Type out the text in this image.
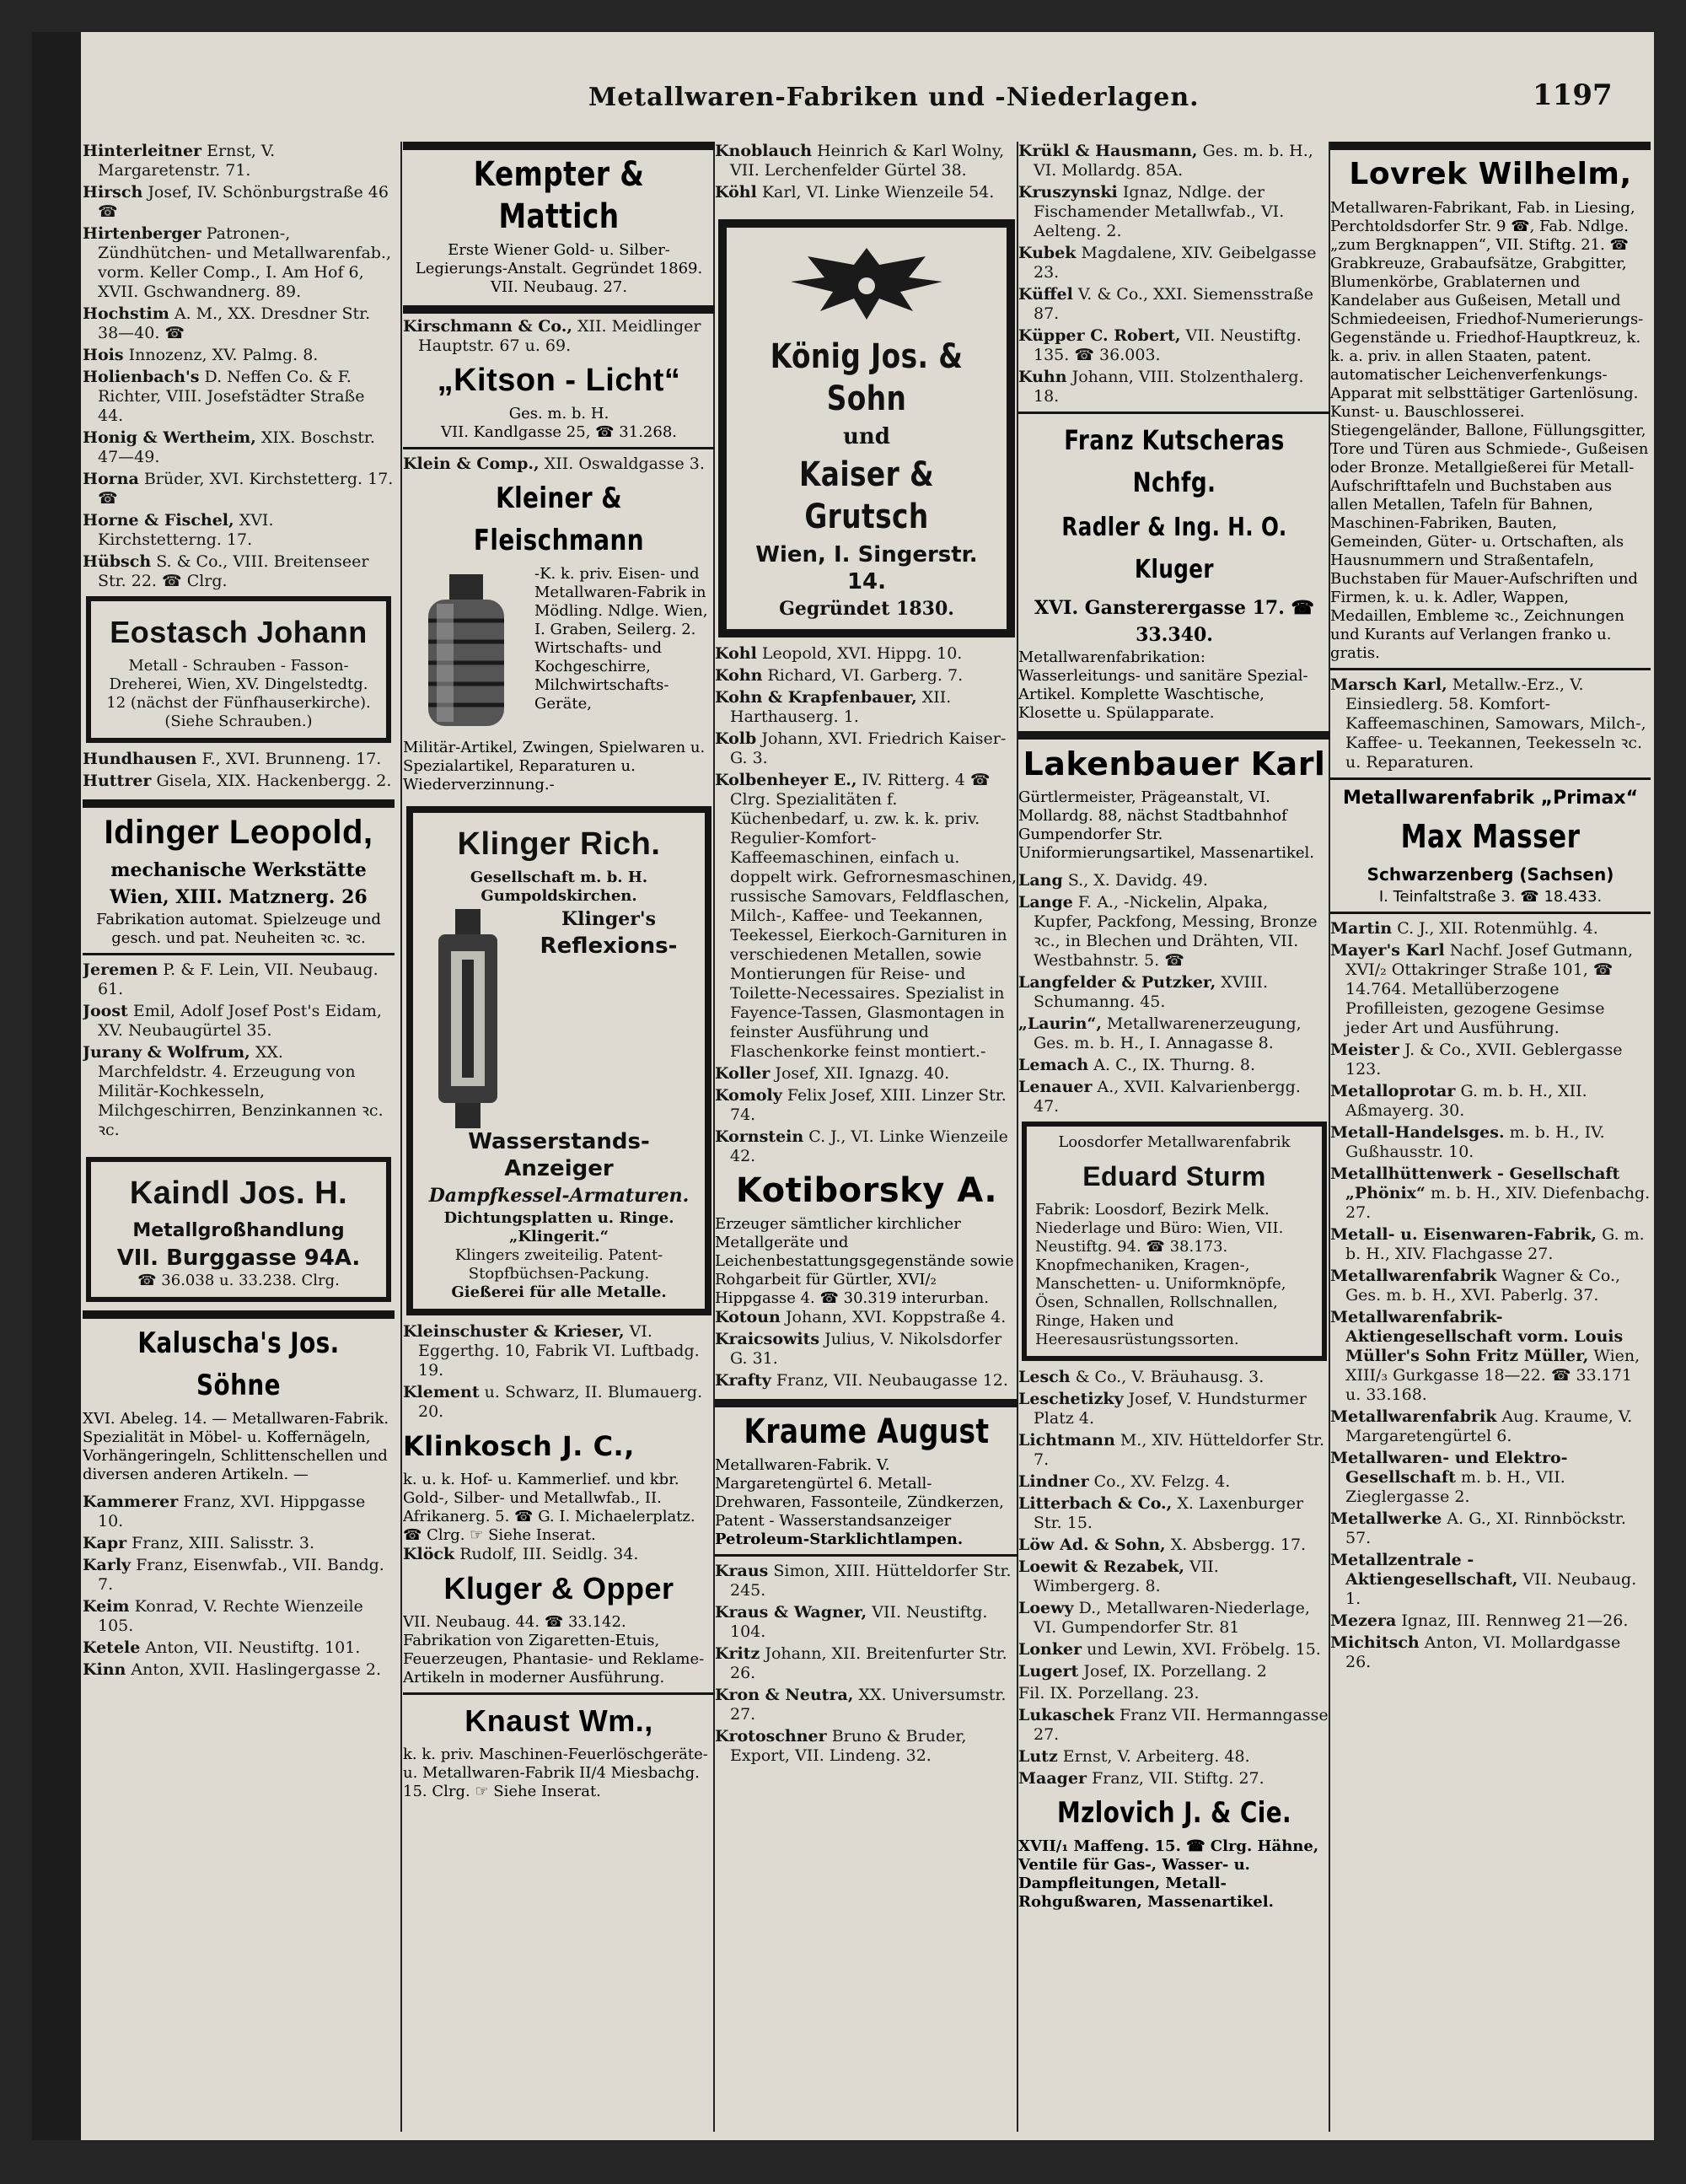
Metallwaren-Fabriken und -Niederlagen.	1197
Hinterleitner Ernst, V. Margaretenstr. 71.
Hirsch Josef, IV. Schönburgstraße 46 ☎
Hirtenberger Patronen-, Zündhütchen- und Metallwarenfab., vorm. Keller Comp., I. Am Hof 6, XVII. Gschwandnerg. 89.
Hochstim A. M., XX. Dresdner Str. 38—40. ☎
Hois Innozenz, XV. Palmg. 8.
Holienbach's D. Neffen Co. & F. Richter, VIII. Josefstädter Straße 44.
Honig & Wertheim, XIX. Boschstr. 47—49.
Horna Brüder, XVI. Kirchstetterg. 17. ☎
Horne & Fischel, XVI. Kirchstetterng. 17.
Hübsch S. & Co., VIII. Breitenseer Str. 22. ☎ Clrg.
Eostasch Johann
Metall - Schrauben - Fasson-Dreherei, Wien, XV. Dingelstedtg. 12 (nächst der Fünfhauserkirche).
(Siehe Schrauben.)
Hundhausen F., XVI. Brunneng. 17.
Huttrer Gisela, XIX. Hackenbergg. 2.
Idinger Leopold,
mechanische Werkstätte
Wien, XIII. Matznerg. 26
Fabrikation automat. Spielzeuge und gesch. und pat. Neuheiten ꝛc. ꝛc.
Jeremen P. & F. Lein, VII. Neubaug. 61.
Joost Emil, Adolf Josef Post's Eidam, XV. Neubaugürtel 35.
Jurany & Wolfrum, XX. Marchfeldstr. 4. Erzeugung von Militär-Kochkesseln, Milchgeschirren, Benzinkannen ꝛc. ꝛc.
Kaindl Jos. H.
Metallgroßhandlung
VII. Burggasse 94A.
☎ 36.038 u. 33.238. Clrg.
Kaluscha's Jos. Söhne
XVI. Abeleg. 14. — Metallwaren-Fabrik. Spezialität in Möbel- u. Koffernägeln, Vorhängeringeln, Schlittenschellen und diversen anderen Artikeln. —
Kammerer Franz, XVI. Hippgasse 10.
Kapr Franz, XIII. Salisstr. 3.
Karly Franz, Eisenwfab., VII. Bandg. 7.
Keim Konrad, V. Rechte Wienzeile 105.
Ketele Anton, VII. Neustiftg. 101.
Kinn Anton, XVII. Haslingergasse 2.
Kempter & Mattich
Erste Wiener Gold- u. Silber-Legierungs-Anstalt. Gegründet 1869. VII. Neubaug. 27.
Kirschmann & Co., XII. Meidlinger Hauptstr. 67 u. 69.
„Kitson - Licht“
Ges. m. b. H.
VII. Kandlgasse 25, ☎ 31.268.
Klein & Comp., XII. Oswaldgasse 3.
Kleiner & Fleischmann
-K. k. priv. Eisen- und Metallwaren-Fabrik in Mödling. Ndlge. Wien, I. Graben, Seilerg. 2. Wirtschafts- und Kochgeschirre, Milchwirtschafts-Geräte,
Militär-Artikel, Zwingen, Spielwaren u. Spezialartikel, Reparaturen u. Wiederverzinnung.-
Klinger Rich.
Gesellschaft m. b. H.
Gumpoldskirchen.
Klinger's
Reflexions-Wasserstands-Anzeiger
Dampfkessel-Armaturen.
Dichtungsplatten u. Ringe. „Klingerit.“
Klingers zweiteilig. Patent-Stopfbüchsen-Packung.
Gießerei für alle Metalle.
Kleinschuster & Krieser, VI. Eggerthg. 10, Fabrik VI. Luftbadg. 19.
Klement u. Schwarz, II. Blumauerg. 20.
Klinkosch J. C.,
k. u. k. Hof- u. Kammerlief. und kbr. Gold-, Silber- und Metallwfab., II. Afrikanerg. 5. ☎ G. I. Michaelerplatz. ☎ Clrg. ☞ Siehe Inserat.
Klöck Rudolf, III. Seidlg. 34.
Kluger & Opper
VII. Neubaug. 44. ☎ 33.142. Fabrikation von Zigaretten-Etuis, Feuerzeugen, Phantasie- und Reklame-Artikeln in moderner Ausführung.
Knaust Wm.,
k. k. priv. Maschinen-Feuerlöschgeräte- u. Metallwaren-Fabrik II/4 Miesbachg. 15. Clrg. ☞ Siehe Inserat.
Knoblauch Heinrich & Karl Wolny, VII. Lerchenfelder Gürtel 38.
Köhl Karl, VI. Linke Wienzeile 54.
König Jos. & Sohn
und
Kaiser & Grutsch
Wien, I. Singerstr. 14.
Gegründet 1830.
Kohl Leopold, XVI. Hippg. 10.
Kohn Richard, VI. Garberg. 7.
Kohn & Krapfenbauer, XII. Harthauserg. 1.
Kolb Johann, XVI. Friedrich Kaiser-G. 3.
Kolbenheyer E., IV. Ritterg. 4 ☎ Clrg. Spezialitäten f. Küchenbedarf, u. zw. k. k. priv. Regulier-Komfort-Kaffeemaschinen, einfach u. doppelt wirk. Gefrornesmaschinen, russische Samovars, Feldflaschen, Milch-, Kaffee- und Teekannen, Teekessel, Eierkoch-Garnituren in verschiedenen Metallen, sowie Montierungen für Reise- und Toilette-Necessaires. Spezialist in Fayence-Tassen, Glasmontagen in feinster Ausführung und Flaschenkorke feinst montiert.-
Koller Josef, XII. Ignazg. 40.
Komoly Felix Josef, XIII. Linzer Str. 74.
Kornstein C. J., VI. Linke Wienzeile 42.
Kotiborsky A.
Erzeuger sämtlicher kirchlicher Metallgeräte und Leichenbestattungsgegenstände sowie Rohgarbeit für Gürtler, XVI/₂ Hippgasse 4. ☎ 30.319 interurban.
Kotoun Johann, XVI. Koppstraße 4.
Kraicsowits Julius, V. Nikolsdorfer G. 31.
Krafty Franz, VII. Neubaugasse 12.
Kraume August
Metallwaren-Fabrik. V. Margaretengürtel 6. Metall-Drehwaren, Fassonteile, Zündkerzen, Patent - Wasserstandsanzeiger
Petroleum-Starklichtlampen.
Kraus Simon, XIII. Hütteldorfer Str. 245.
Kraus & Wagner, VII. Neustiftg. 104.
Kritz Johann, XII. Breitenfurter Str. 26.
Kron & Neutra, XX. Universumstr. 27.
Krotoschner Bruno & Bruder, Export, VII. Lindeng. 32.
Krükl & Hausmann, Ges. m. b. H., VI. Mollardg. 85A.
Kruszynski Ignaz, Ndlge. der Fischamender Metallwfab., VI. Aelteng. 2.
Kubek Magdalene, XIV. Geibelgasse 23.
Küffel V. & Co., XXI. Siemensstraße 87.
Küpper C. Robert, VII. Neustiftg. 135. ☎ 36.003.
Kuhn Johann, VIII. Stolzenthalerg. 18.
Franz Kutscheras Nchfg.
Radler & Ing. H. O. Kluger
XVI. Gansterergasse 17. ☎ 33.340.
Metallwarenfabrikation: Wasserleitungs- und sanitäre Spezial-Artikel. Komplette Waschtische, Klosette u. Spülapparate.
Lakenbauer Karl
Gürtlermeister, Prägeanstalt, VI. Mollardg. 88, nächst Stadtbahnhof Gumpendorfer Str. Uniformierungsartikel, Massenartikel.
Lang S., X. Davidg. 49.
Lange F. A., -Nickelin, Alpaka, Kupfer, Packfong, Messing, Bronze ꝛc., in Blechen und Drähten, VII. Westbahnstr. 5. ☎
Langfelder & Putzker, XVIII. Schumanng. 45.
„Laurin“, Metallwarenerzeugung, Ges. m. b. H., I. Annagasse 8.
Lemach A. C., IX. Thurng. 8.
Lenauer A., XVII. Kalvarienbergg. 47.
Loosdorfer Metallwarenfabrik
Eduard Sturm
Fabrik: Loosdorf, Bezirk Melk. Niederlage und Büro: Wien, VII. Neustiftg. 94. ☎ 38.173. Knopfmechaniken, Kragen-, Manschetten- u. Uniformknöpfe, Ösen, Schnallen, Rollschnallen, Ringe, Haken und Heeresausrüstungssorten.
Lesch & Co., V. Bräuhausg. 3.
Leschetizky Josef, V. Hundsturmer Platz 4.
Lichtmann M., XIV. Hütteldorfer Str. 7.
Lindner Co., XV. Felzg. 4.
Litterbach & Co., X. Laxenburger Str. 15.
Löw Ad. & Sohn, X. Absbergg. 17.
Loewit & Rezabek, VII. Wimbergerg. 8.
Loewy D., Metallwaren-Niederlage, VI. Gumpendorfer Str. 81
Lonker und Lewin, XVI. Fröbelg. 15.
Lugert Josef, IX. Porzellang. 2
Fil. IX. Porzellang. 23.
Lukaschek Franz VII. Hermanngasse 27.
Lutz Ernst, V. Arbeiterg. 48.
Maager Franz, VII. Stiftg. 27.
Mzlovich J. & Cie.
XVII/₁ Maffeng. 15. ☎ Clrg. Hähne, Ventile für Gas-, Wasser- u. Dampfleitungen, Metall-Rohgußwaren, Massenartikel.
Lovrek Wilhelm,
Metallwaren-Fabrikant, Fab. in Liesing, Perchtoldsdorfer Str. 9 ☎, Fab. Ndlge. „zum Bergknappen“, VII. Stiftg. 21. ☎
Grabkreuze, Grabaufsätze, Grabgitter, Blumenkörbe, Grablaternen und Kandelaber aus Gußeisen, Metall und Schmiedeeisen, Friedhof-Numerierungs-Gegenstände u. Friedhof-Hauptkreuz, k. k. a. priv. in allen Staaten, patent. automatischer Leichenverfenkungs-Apparat mit selbsttätiger Gartenlösung. Kunst- u. Bauschlosserei. Stiegengeländer, Ballone, Füllungsgitter, Tore und Türen aus Schmiede-, Gußeisen oder Bronze. Metallgießerei für Metall-Aufschrifttafeln und Buchstaben aus allen Metallen, Tafeln für Bahnen, Maschinen-Fabriken, Bauten, Gemeinden, Güter- u. Ortschaften, als Hausnummern und Straßentafeln, Buchstaben für Mauer-Aufschriften und Firmen, k. u. k. Adler, Wappen, Medaillen, Embleme ꝛc., Zeichnungen und Kurants auf Verlangen franko u. gratis.
Marsch Karl, Metallw.-Erz., V. Einsiedlerg. 58. Komfort-Kaffeemaschinen, Samowars, Milch-, Kaffee- u. Teekannen, Teekesseln ꝛc. u. Reparaturen.
Metallwarenfabrik „Primax“
Max Masser
Schwarzenberg (Sachsen)
I. Teinfaltstraße 3. ☎ 18.433.
Martin C. J., XII. Rotenmühlg. 4.
Mayer's Karl Nachf. Josef Gutmann, XVI/₂ Ottakringer Straße 101, ☎ 14.764. Metallüberzogene Profilleisten, gezogene Gesimse jeder Art und Ausführung.
Meister J. & Co., XVII. Geblergasse 123.
Metalloprotar G. m. b. H., XII. Aßmayerg. 30.
Metall-Handelsges. m. b. H., IV. Gußhausstr. 10.
Metallhüttenwerk - Gesellschaft „Phönix“ m. b. H., XIV. Diefenbachg. 27.
Metall- u. Eisenwaren-Fabrik, G. m. b. H., XIV. Flachgasse 27.
Metallwarenfabrik Wagner & Co., Ges. m. b. H., XVI. Paberlg. 37.
Metallwarenfabrik-Aktiengesellschaft vorm. Louis Müller's Sohn Fritz Müller, Wien, XIII/₃ Gurkgasse 18—22. ☎ 33.171 u. 33.168.
Metallwarenfabrik Aug. Kraume, V. Margaretengürtel 6.
Metallwaren- und Elektro-Gesellschaft m. b. H., VII. Zieglergasse 2.
Metallwerke A. G., XI. Rinnböckstr. 57.
Metallzentrale - Aktiengesellschaft, VII. Neubaug. 1.
Mezera Ignaz, III. Rennweg 21—26.
Michitsch Anton, VI. Mollardgasse 26.
